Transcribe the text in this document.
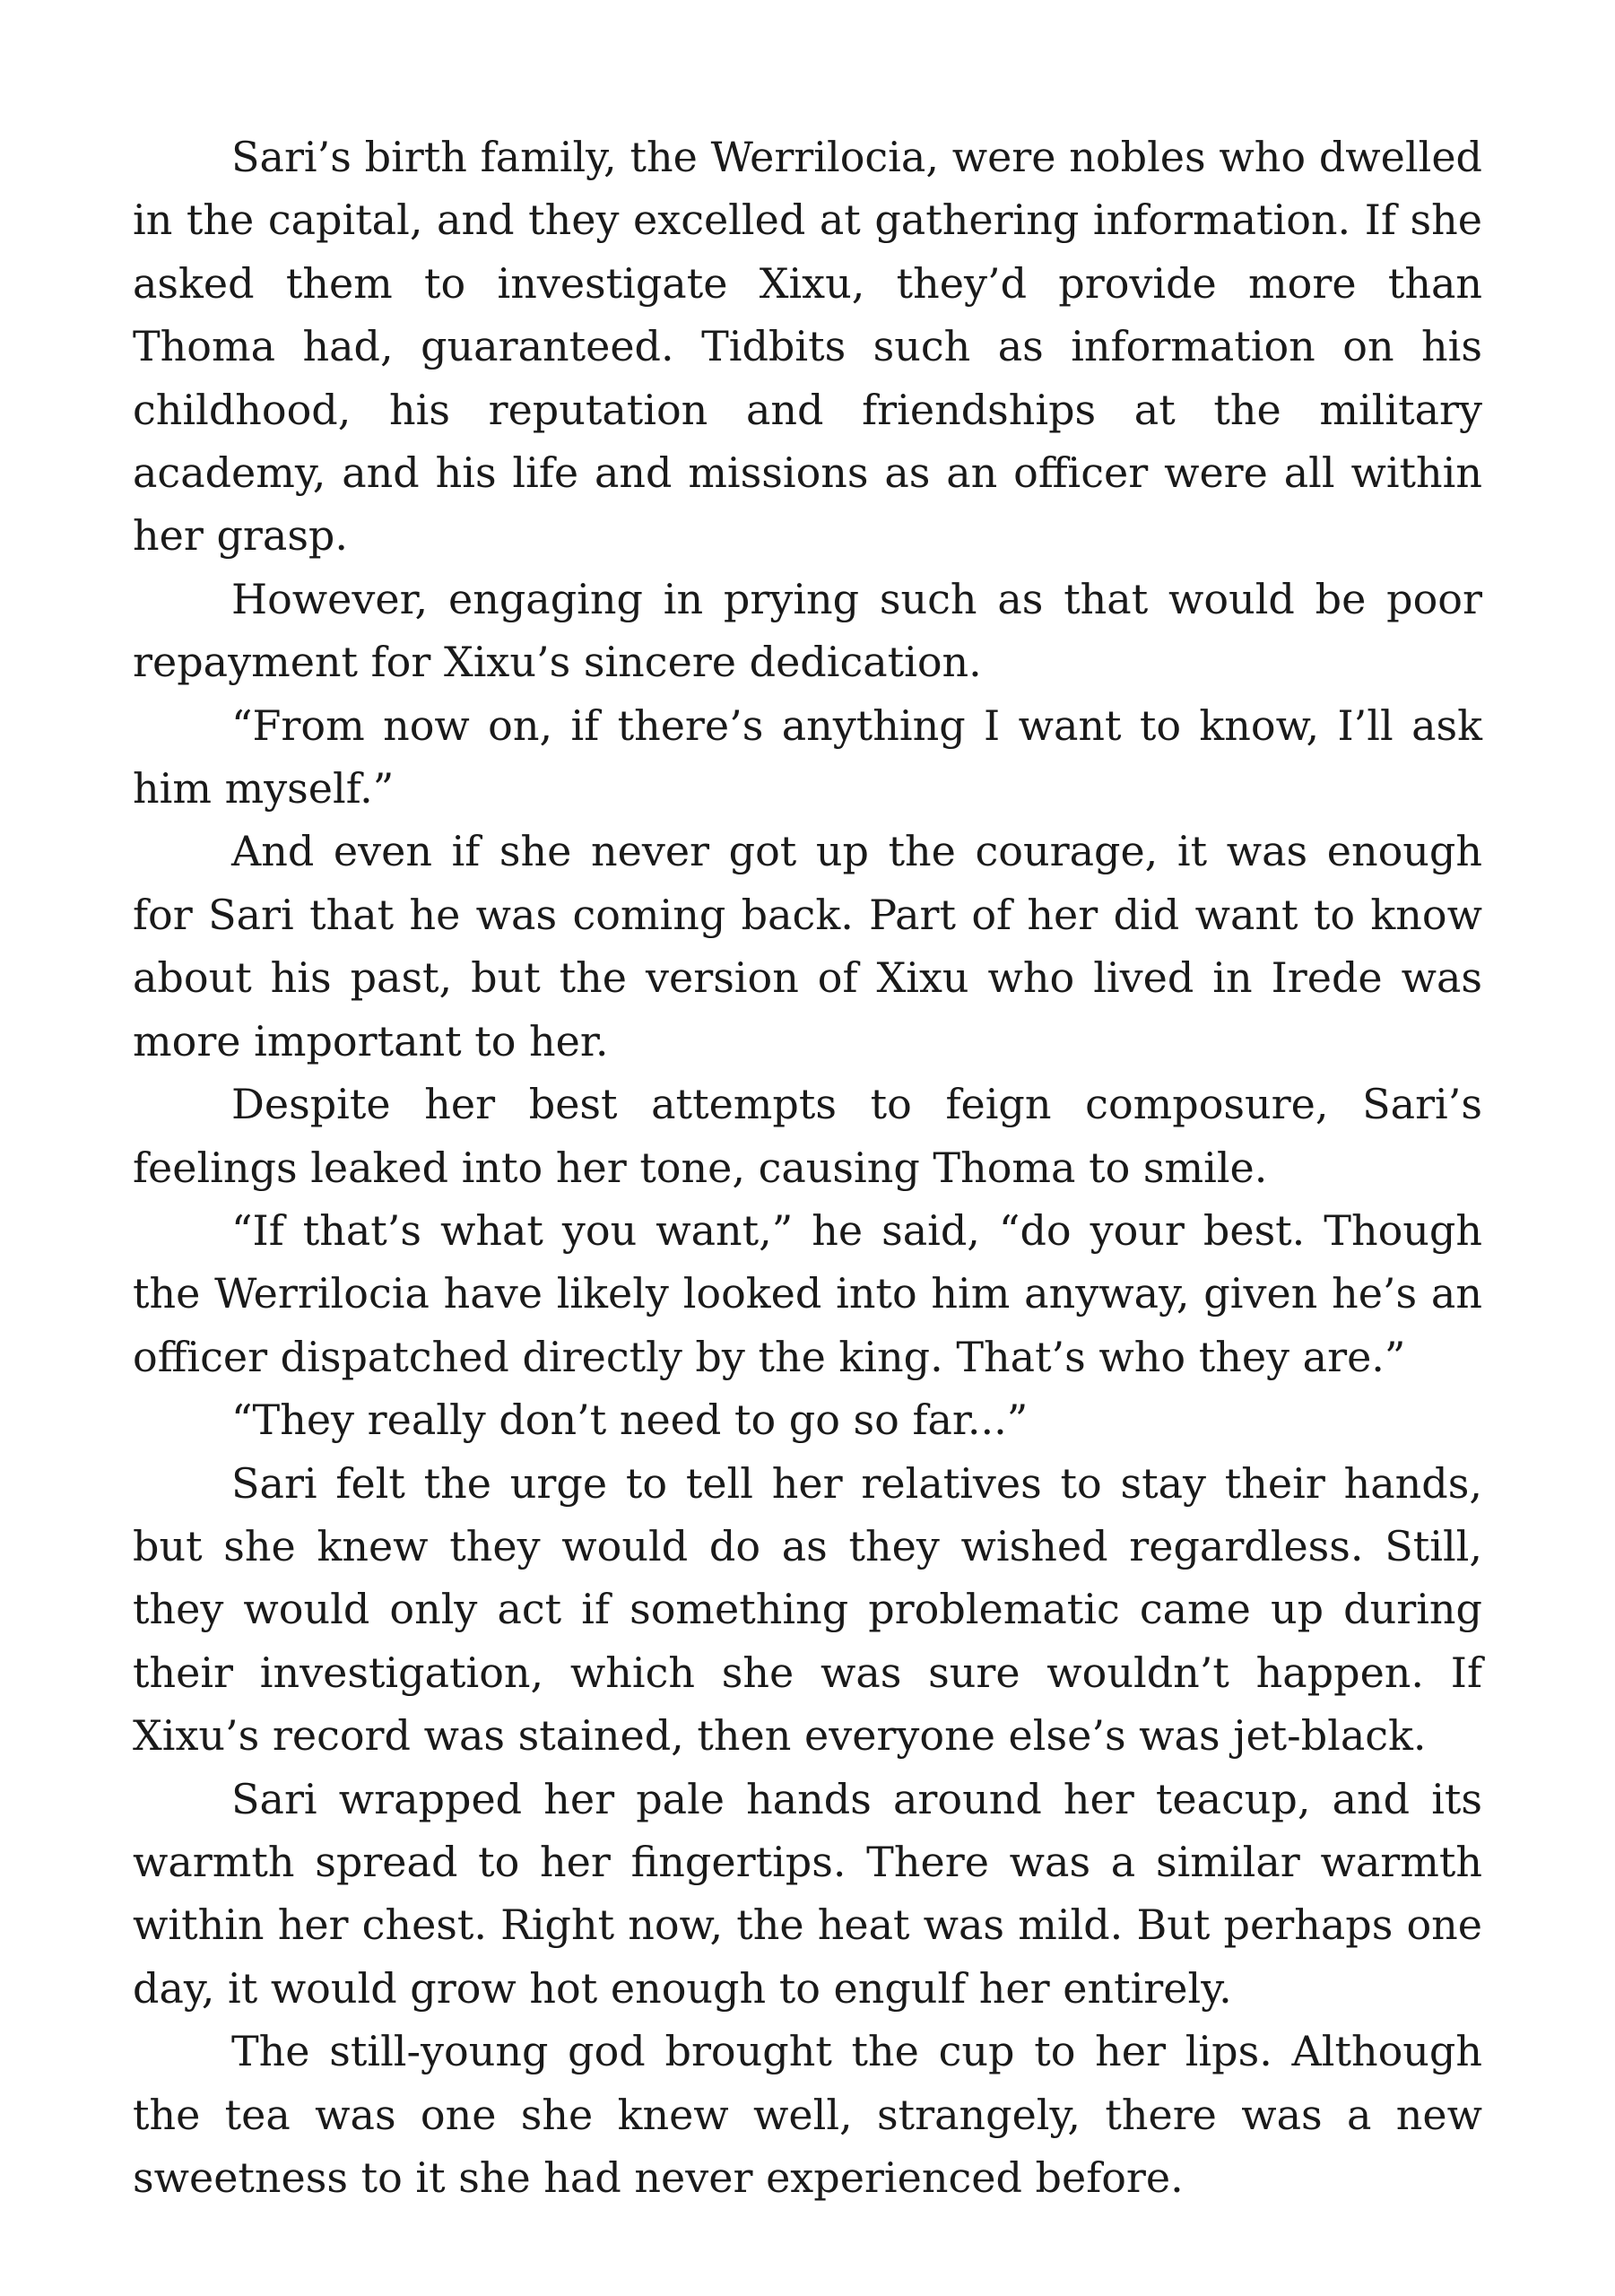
Sari’s birth family, the Werrilocia, were nobles who dwelled in the capital, and they excelled at gathering information. If she asked them to investigate Xixu, they’d provide more than Thoma had, guaranteed. Tidbits such as information on his childhood, his reputation and friendships at the military academy, and his life and missions as an officer were all within her grasp.

However, engaging in prying such as that would be poor repayment for Xixu’s sincere dedication.

“From now on, if there’s anything I want to know, I’ll ask him myself.”

And even if she never got up the courage, it was enough for Sari that he was coming back. Part of her did want to know about his past, but the version of Xixu who lived in Irede was more important to her.

Despite her best attempts to feign composure, Sari’s feelings leaked into her tone, causing Thoma to smile.

“If that’s what you want,” he said, “do your best. Though the Werrilocia have likely looked into him anyway, given he’s an officer dispatched directly by the king. That’s who they are.”

“They really don’t need to go so far...”

Sari felt the urge to tell her relatives to stay their hands, but she knew they would do as they wished regardless. Still, they would only act if something problematic came up during their investigation, which she was sure wouldn’t happen. If Xixu’s record was stained, then everyone else’s was jet-black.

Sari wrapped her pale hands around her teacup, and its warmth spread to her fingertips. There was a similar warmth within her chest. Right now, the heat was mild. But perhaps one day, it would grow hot enough to engulf her entirely.

The still-young god brought the cup to her lips. Although the tea was one she knew well, strangely, there was a new sweetness to it she had never experienced before.
